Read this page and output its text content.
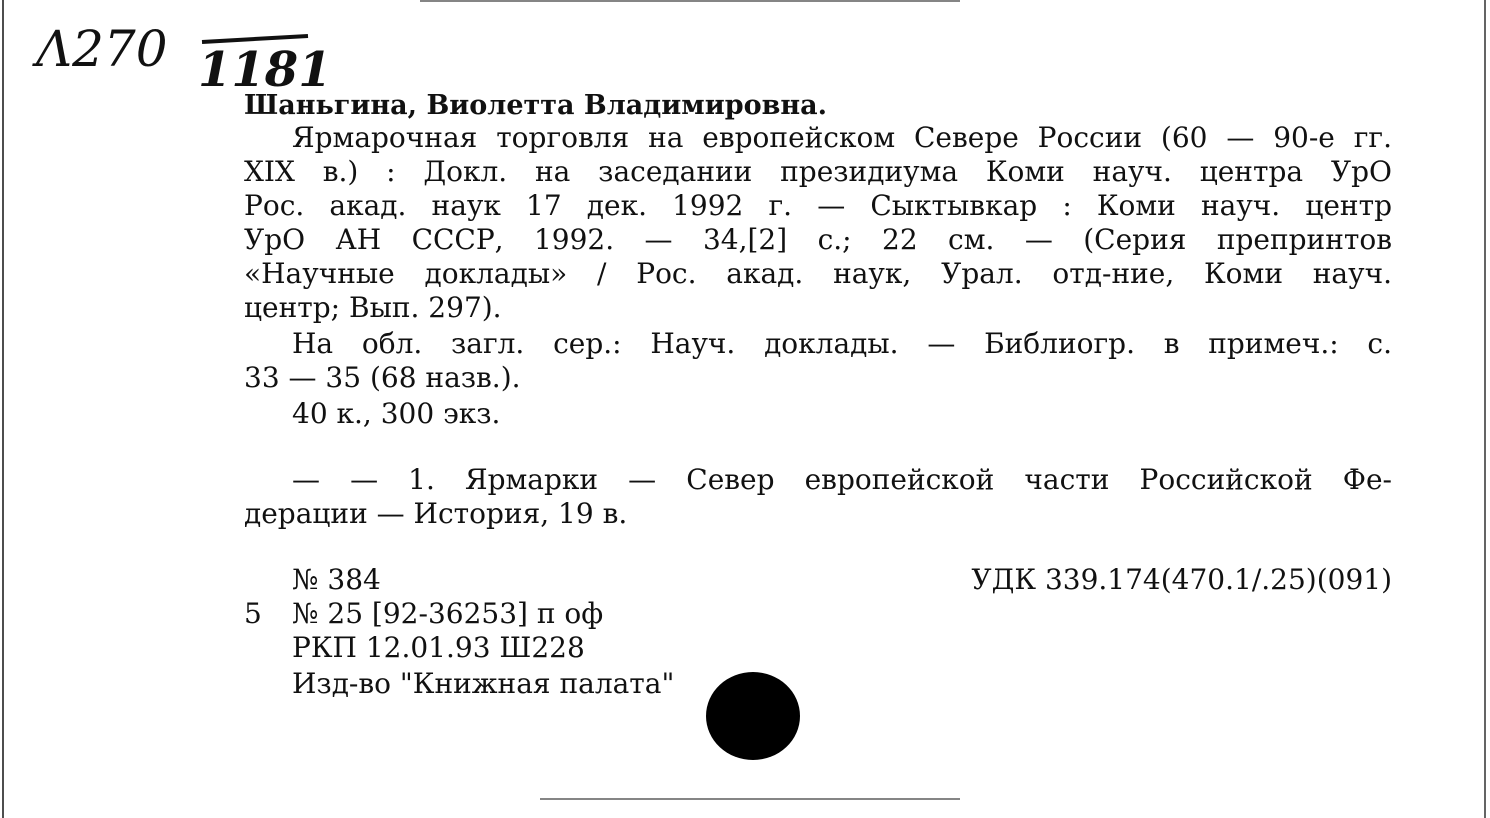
Λ270 1181
Шаньгина, Виолетта Владимировна.
Ярмарочная торговля на европейском Севере России (60 — 90-е гг.
XIX в.) : Докл. на заседании президиума Коми науч. центра УрО
Рос. акад. наук 17 дек. 1992 г. — Сыктывкар : Коми науч. центр
УрО АН СССР, 1992. — 34,[2] с.; 22 см. — (Серия препринтов
«Научные доклады» / Рос. акад. наук, Урал. отд-ние, Коми науч.
центр; Вып. 297).
На обл. загл. сер.: Науч. доклады. — Библиогр. в примеч.: с.
33 — 35 (68 назв.).
40 к., 300 экз.
— — 1. Ярмарки — Север европейской части Российской Фе-
дерации — История, 19 в.
№ 384	УДК 339.174(470.1/.25)(091)
5 № 25 [92-36253] п оф
РКП 12.01.93 Ш228
Изд-во "Книжная палата"
